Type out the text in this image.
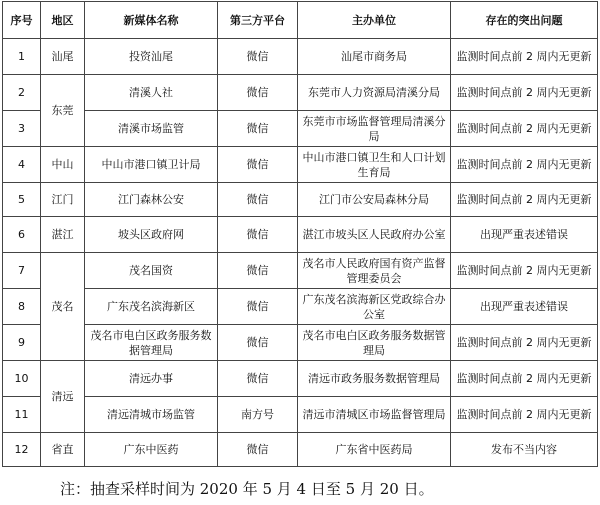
序号	地区	新媒体名称	第三方平台	主办单位	存在的突出问题
1	汕尾	投资汕尾	微信	汕尾市商务局	监测时间点前 2 周内无更新
2	东莞	清溪人社	微信	东莞市人力资源局清溪分局	监测时间点前 2 周内无更新
3		清溪市场监管	微信	东莞市市场监督管理局清溪分局	监测时间点前 2 周内无更新
4	中山	中山市港口镇卫计局	微信	中山市港口镇卫生和人口计划生育局	监测时间点前 2 周内无更新
5	江门	江门森林公安	微信	江门市公安局森林分局	监测时间点前 2 周内无更新
6	湛江	坡头区政府网	微信	湛江市坡头区人民政府办公室	出现严重表述错误
7	茂名	茂名国资	微信	茂名市人民政府国有资产监督管理委员会	监测时间点前 2 周内无更新
8		广东茂名滨海新区	微信	广东茂名滨海新区党政综合办公室	出现严重表述错误
9		茂名市电白区政务服务数据管理局	微信	茂名市电白区政务服务数据管理局	监测时间点前 2 周内无更新
10	清远	清远办事	微信	清远市政务服务数据管理局	监测时间点前 2 周内无更新
11		清远清城市场监管	南方号	清远市清城区市场监督管理局	监测时间点前 2 周内无更新
12	省直	广东中医药	微信	广东省中医药局	发布不当内容
注：抽查采样时间为 2020 年 5 月 4 日至 5 月 20 日。
